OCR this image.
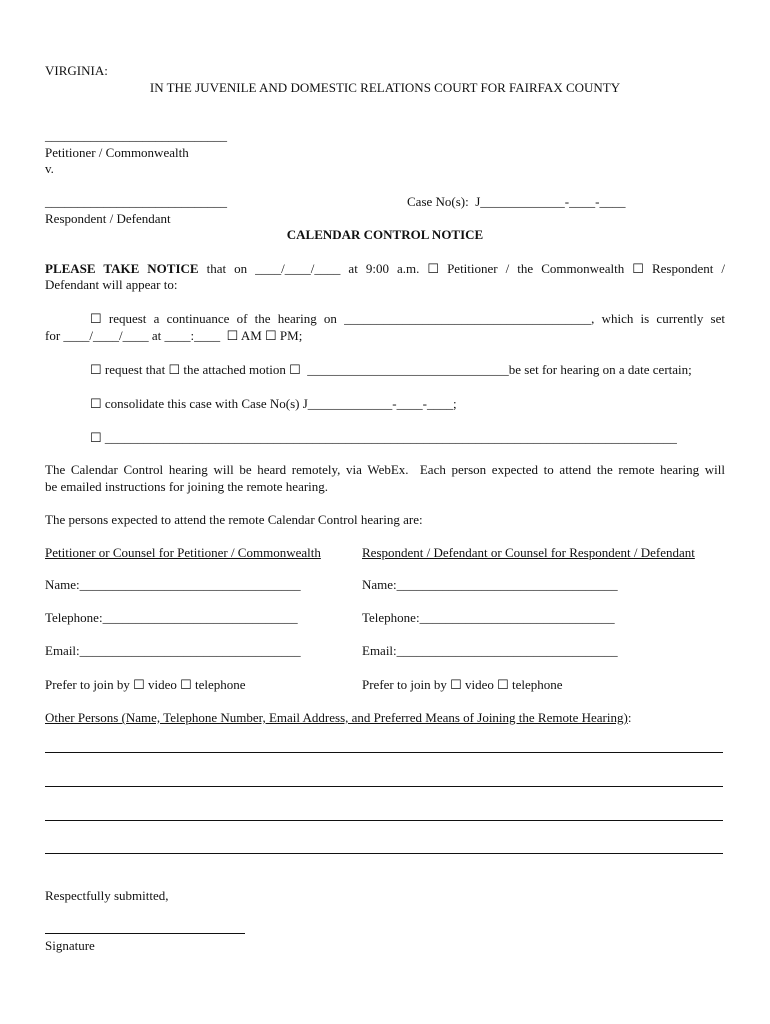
VIRGINIA:
IN THE JUVENILE AND DOMESTIC RELATIONS COURT FOR FAIRFAX COUNTY
____________________________
Petitioner / Commonwealth
v.
____________________________	Case No(s):  J_____________-____-____
Respondent / Defendant
CALENDAR CONTROL NOTICE
PLEASE TAKE NOTICE that on ____/____/____ at 9:00 a.m. ☐ Petitioner / the Commonwealth ☐ Respondent /
Defendant will appear to:
☐ request a continuance of the hearing on ______________________________________, which is currently set
for ____/____/____ at ____:____  ☐ AM ☐ PM;
☐ request that ☐ the attached motion ☐  _______________________________be set for hearing on a date certain;
☐ consolidate this case with Case No(s) J_____________-____-____;
☐ ________________________________________________________________________________________
The Calendar Control hearing will be heard remotely, via WebEx.  Each person expected to attend the remote hearing will
be emailed instructions for joining the remote hearing.
The persons expected to attend the remote Calendar Control hearing are:
Petitioner or Counsel for Petitioner / Commonwealth
Name:__________________________________
Telephone:______________________________
Email:__________________________________
Prefer to join by ☐ video ☐ telephone
Respondent / Defendant or Counsel for Respondent / Defendant
Name:__________________________________
Telephone:______________________________
Email:__________________________________
Prefer to join by ☐ video ☐ telephone
Other Persons (Name, Telephone Number, Email Address, and Preferred Means of Joining the Remote Hearing):
Respectfully submitted,
Signature
